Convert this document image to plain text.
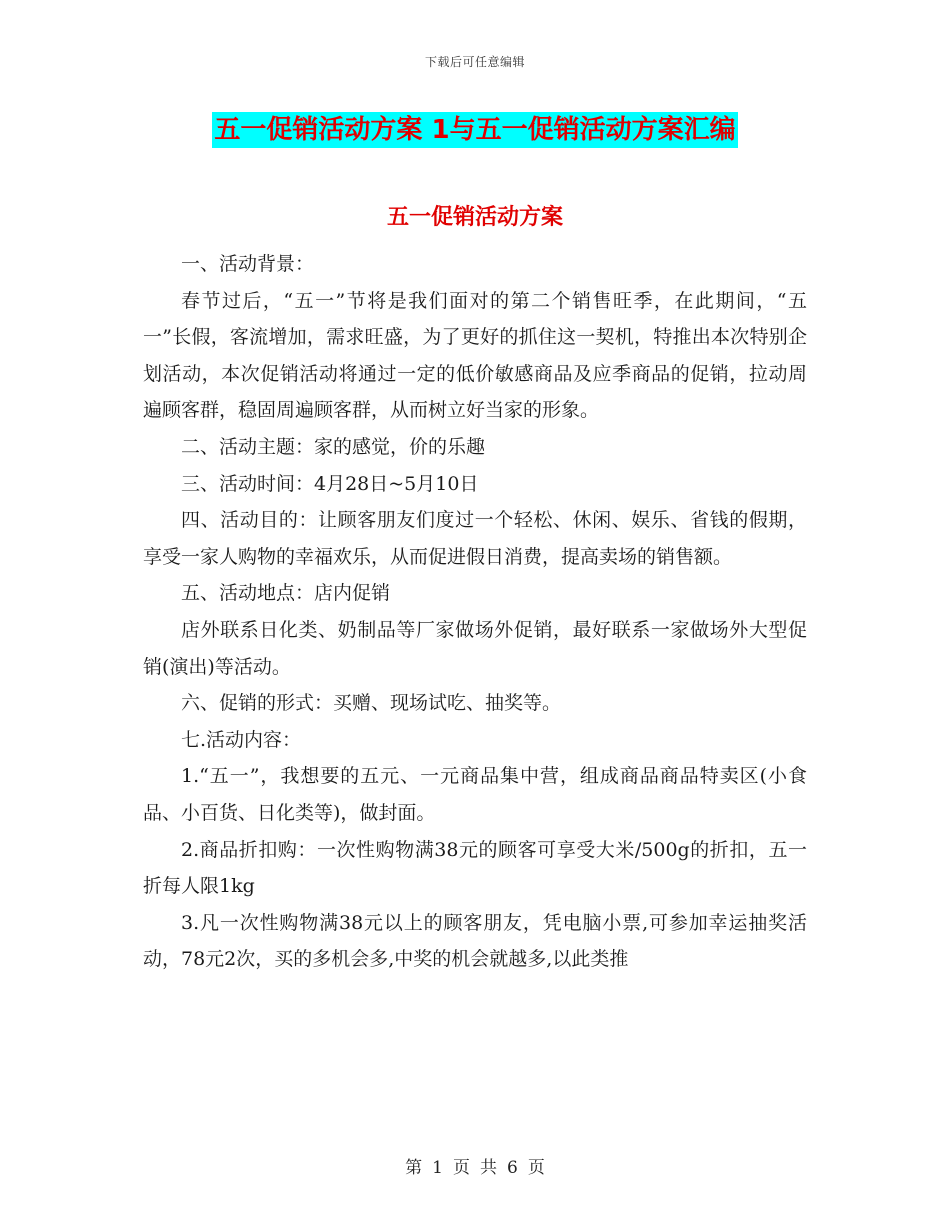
下载后可任意编辑
五一促销活动方案 1与五一促销活动方案汇编
五一促销活动方案

一、活动背景：

春节过后，“五一”节将是我们面对的第二个销售旺季，在此期间，“五一”长假，客流增加，需求旺盛，为了更好的抓住这一契机，特推出本次特别企划活动，本次促销活动将通过一定的低价敏感商品及应季商品的促销，拉动周遍顾客群，稳固周遍顾客群，从而树立好当家的形象。

二、活动主题：家的感觉，价的乐趣

三、活动时间：4月28日~5月10日

四、活动目的：让顾客朋友们度过一个轻松、休闲、娱乐、省钱的假期，享受一家人购物的幸福欢乐，从而促进假日消费，提高卖场的销售额。

五、活动地点：店内促销

店外联系日化类、奶制品等厂家做场外促销，最好联系一家做场外大型促销(演出)等活动。

六、促销的形式：买赠、现场试吃、抽奖等。

七.活动内容：

1.“五一”，我想要的五元、一元商品集中营，组成商品商品特卖区(小食品、小百货、日化类等)，做封面。

2.商品折扣购：一次性购物满38元的顾客可享受大米/500g的折扣，五一折每人限1kg

3.凡一次性购物满38元以上的顾客朋友，凭电脑小票,可参加幸运抽奖活动，78元2次，买的多机会多,中奖的机会就越多,以此类推

第 1 页 共 6 页
